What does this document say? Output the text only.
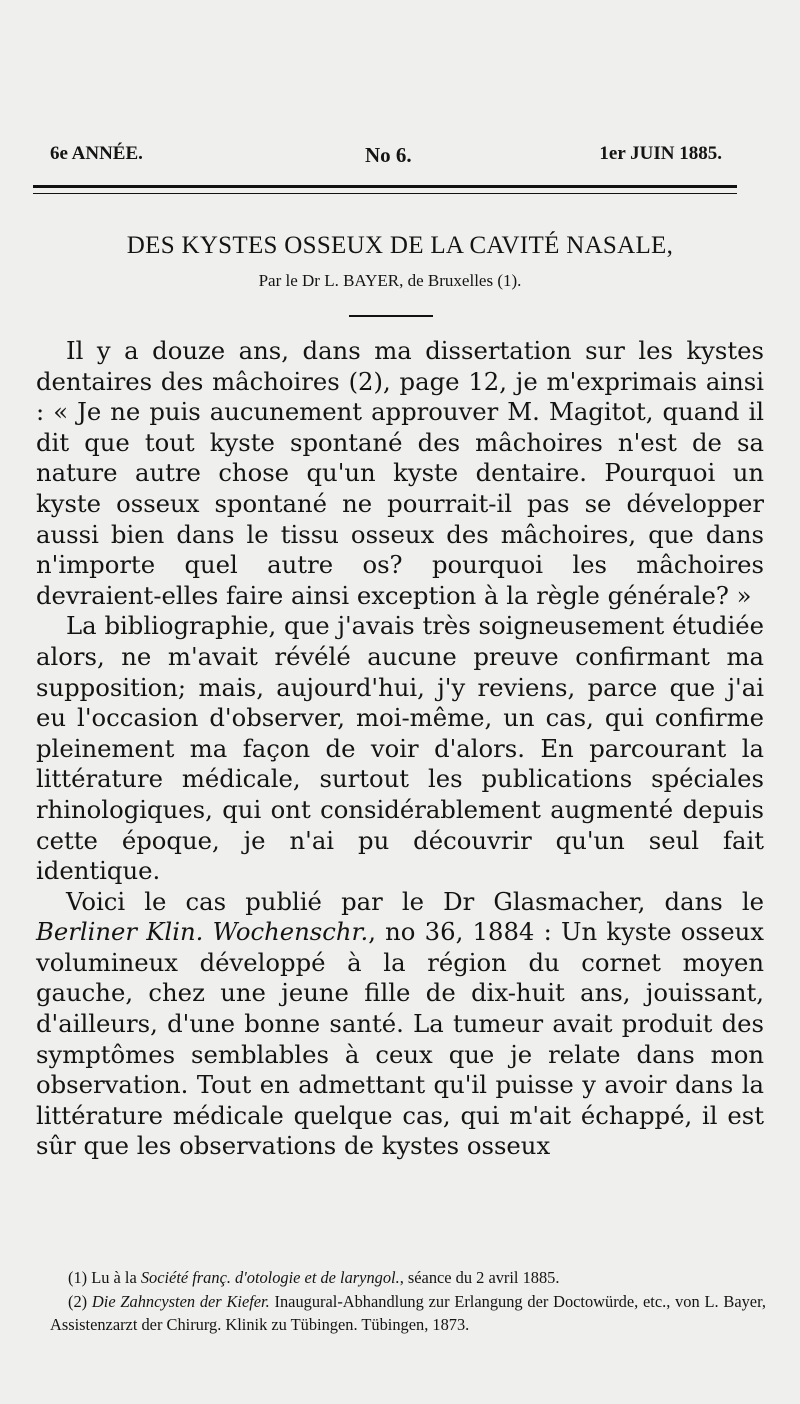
6e ANNÉE.	No 6.	1er JUIN 1885.
DES KYSTES OSSEUX DE LA CAVITÉ NASALE,
Par le Dr L. BAYER, de Bruxelles (1).

Il y a douze ans, dans ma dissertation sur les kystes dentaires des mâchoires (2), page 12, je m'exprimais ainsi : « Je ne puis aucunement approuver M. Magitot, quand il dit que tout kyste spontané des mâchoires n'est de sa nature autre chose qu'un kyste dentaire. Pourquoi un kyste osseux spontané ne pourrait-il pas se développer aussi bien dans le tissu osseux des mâchoires, que dans n'importe quel autre os? pourquoi les mâchoires devraient-elles faire ainsi exception à la règle générale? »

La bibliographie, que j'avais très soigneusement étudiée alors, ne m'avait révélé aucune preuve confirmant ma supposition; mais, aujourd'hui, j'y reviens, parce que j'ai eu l'occasion d'observer, moi-même, un cas, qui confirme pleinement ma façon de voir d'alors. En parcourant la littérature médicale, surtout les publications spéciales rhinologiques, qui ont considérablement augmenté depuis cette époque, je n'ai pu découvrir qu'un seul fait identique.

Voici le cas publié par le Dr Glasmacher, dans le Berliner Klin. Wochenschr., no 36, 1884 : Un kyste osseux volumineux développé à la région du cornet moyen gauche, chez une jeune fille de dix-huit ans, jouissant, d'ailleurs, d'une bonne santé. La tumeur avait produit des symptômes semblables à ceux que je relate dans mon observation. Tout en admettant qu'il puisse y avoir dans la littérature médicale quelque cas, qui m'ait échappé, il est sûr que les observations de kystes osseux

(1) Lu à la Société franç. d'otologie et de laryngol., séance du 2 avril 1885.

(2) Die Zahncysten der Kiefer. Inaugural-Abhandlung zur Erlangung der Doctowürde, etc., von L. Bayer, Assistenzarzt der Chirurg. Klinik zu Tübingen. Tübingen, 1873.
